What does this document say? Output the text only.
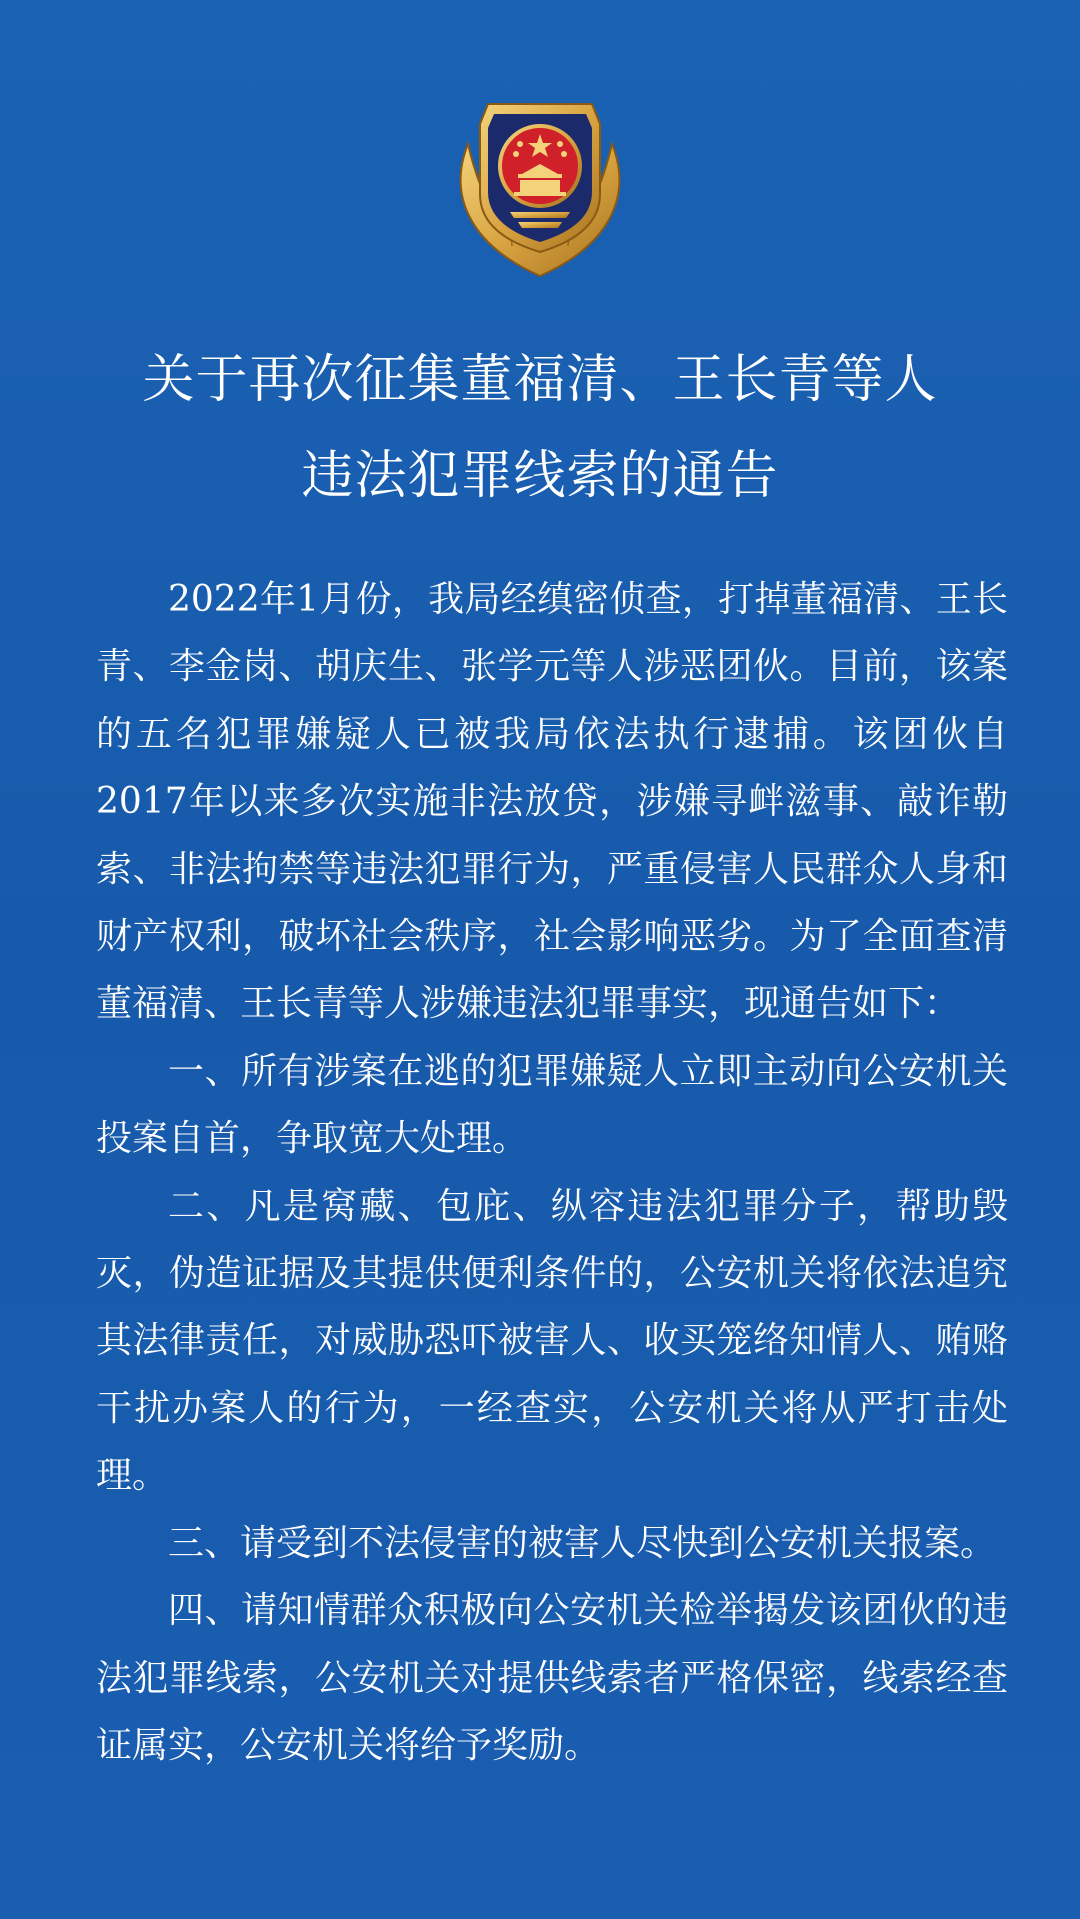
关于再次征集董福清、王长青等人
违法犯罪线索的通告

2022年1月份，我局经缜密侦查，打掉董福清、王长青、李金岗、胡庆生、张学元等人涉恶团伙。目前，该案的五名犯罪嫌疑人已被我局依法执行逮捕。该团伙自2017年以来多次实施非法放贷，涉嫌寻衅滋事、敲诈勒索、非法拘禁等违法犯罪行为，严重侵害人民群众人身和财产权利，破坏社会秩序，社会影响恶劣。为了全面查清董福清、王长青等人涉嫌违法犯罪事实，现通告如下：

一、所有涉案在逃的犯罪嫌疑人立即主动向公安机关投案自首，争取宽大处理。

二、凡是窝藏、包庇、纵容违法犯罪分子，帮助毁灭，伪造证据及其提供便利条件的，公安机关将依法追究其法律责任，对威胁恐吓被害人、收买笼络知情人、贿赂干扰办案人的行为，一经查实，公安机关将从严打击处理。

三、请受到不法侵害的被害人尽快到公安机关报案。

四、请知情群众积极向公安机关检举揭发该团伙的违法犯罪线索，公安机关对提供线索者严格保密，线索经查证属实，公安机关将给予奖励。
